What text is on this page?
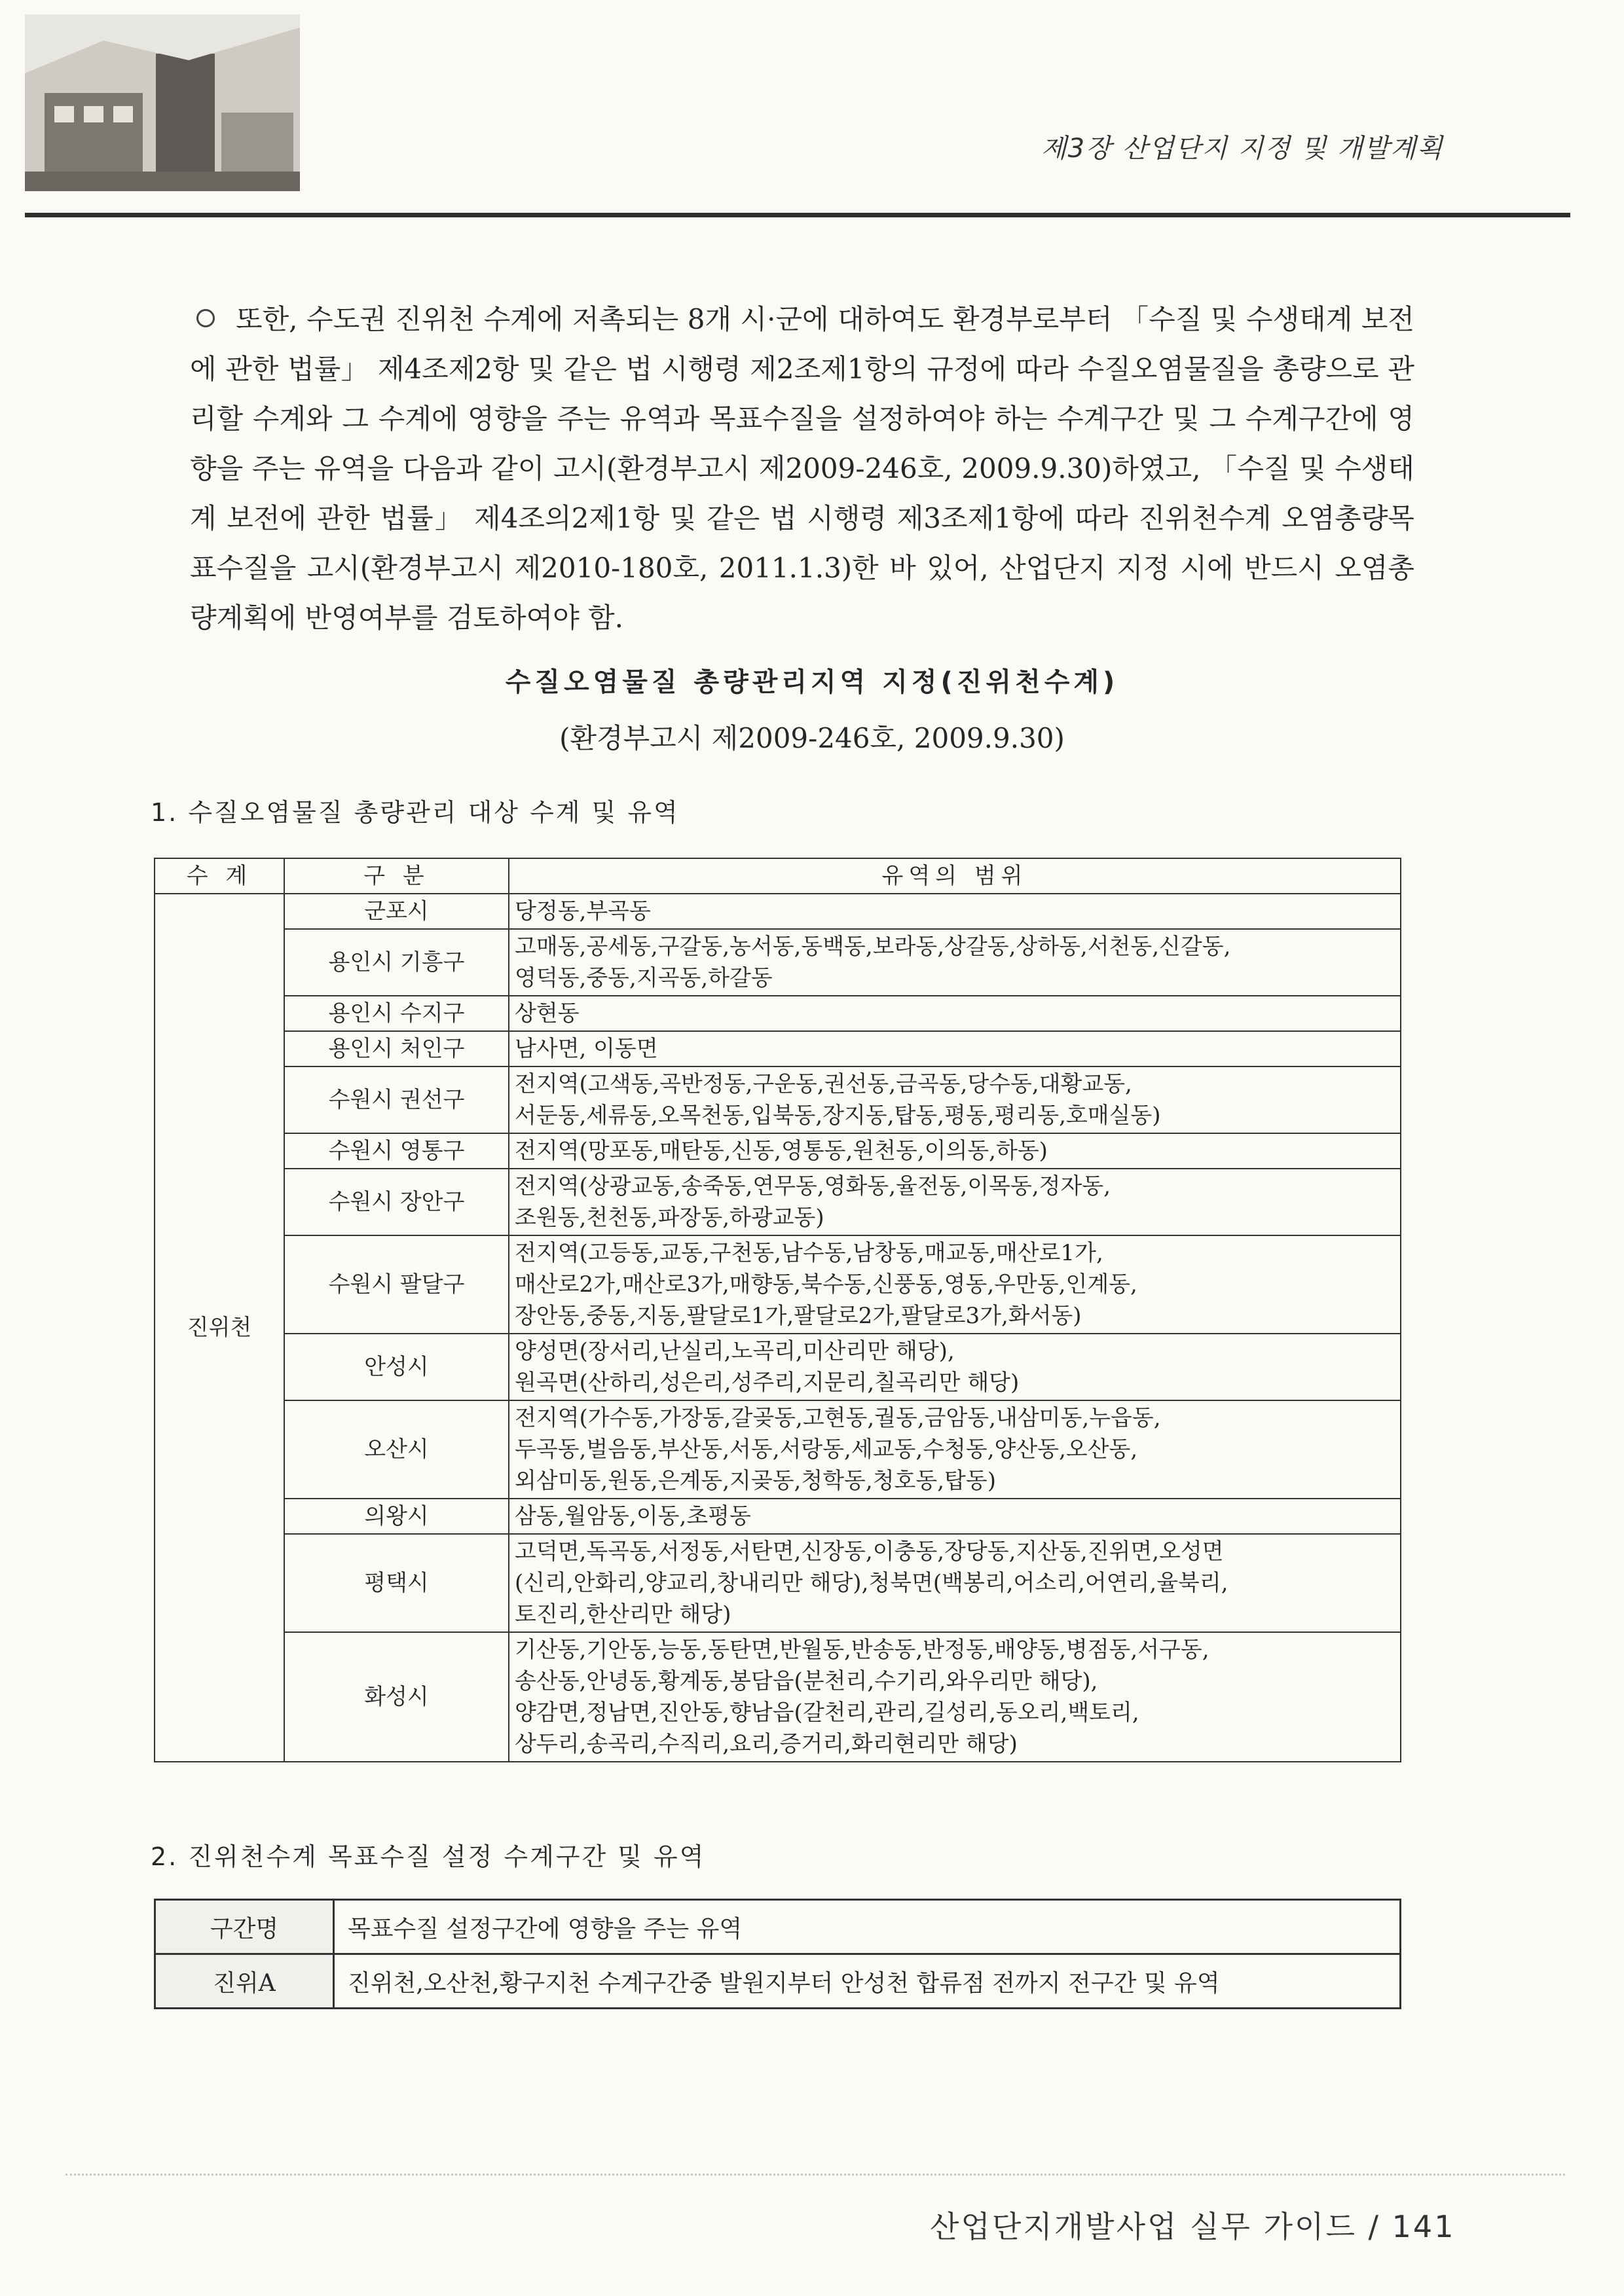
제3장 산업단지 지정 및 개발계획
또한, 수도권 진위천 수계에 저촉되는 8개 시·군에 대하여도 환경부로부터 「수질 및 수생태계 보전에 관한 법률」 제4조제2항 및 같은 법 시행령 제2조제1항의 규정에 따라 수질오염물질을 총량으로 관리할 수계와 그 수계에 영향을 주는 유역과 목표수질을 설정하여야 하는 수계구간 및 그 수계구간에 영향을 주는 유역을 다음과 같이 고시(환경부고시 제2009-246호, 2009.9.30)하였고, 「수질 및 수생태계 보전에 관한 법률」 제4조의2제1항 및 같은 법 시행령 제3조제1항에 따라 진위천수계 오염총량목표수질을 고시(환경부고시 제2010-180호, 2011.1.3)한 바 있어, 산업단지 지정 시에 반드시 오염총량계획에 반영여부를 검토하여야 함.
수질오염물질 총량관리지역 지정(진위천수계)
(환경부고시 제2009-246호, 2009.9.30)
1. 수질오염물질 총량관리 대상 수계 및 유역
수 계	구 분	유역의 범위
진위천	군포시	당정동,부곡동
	용인시 기흥구	고매동,공세동,구갈동,농서동,동백동,보라동,상갈동,상하동,서천동,신갈동,
영덕동,중동,지곡동,하갈동
	용인시 수지구	상현동
	용인시 처인구	남사면, 이동면
	수원시 권선구	전지역(고색동,곡반정동,구운동,권선동,금곡동,당수동,대황교동,
서둔동,세류동,오목천동,입북동,장지동,탑동,평동,평리동,호매실동)
	수원시 영통구	전지역(망포동,매탄동,신동,영통동,원천동,이의동,하동)
	수원시 장안구	전지역(상광교동,송죽동,연무동,영화동,율전동,이목동,정자동,
조원동,천천동,파장동,하광교동)
	수원시 팔달구	전지역(고등동,교동,구천동,남수동,남창동,매교동,매산로1가,
매산로2가,매산로3가,매향동,북수동,신풍동,영동,우만동,인계동,
장안동,중동,지동,팔달로1가,팔달로2가,팔달로3가,화서동)
	안성시	양성면(장서리,난실리,노곡리,미산리만 해당),
원곡면(산하리,성은리,성주리,지문리,칠곡리만 해당)
	오산시	전지역(가수동,가장동,갈곶동,고현동,궐동,금암동,내삼미동,누읍동,
두곡동,벌음동,부산동,서동,서랑동,세교동,수청동,양산동,오산동,
외삼미동,원동,은계동,지곶동,청학동,청호동,탑동)
	의왕시	삼동,월암동,이동,초평동
	평택시	고덕면,독곡동,서정동,서탄면,신장동,이충동,장당동,지산동,진위면,오성면
(신리,안화리,양교리,창내리만 해당),청북면(백봉리,어소리,어연리,율북리,
토진리,한산리만 해당)
	화성시	기산동,기안동,능동,동탄면,반월동,반송동,반정동,배양동,병점동,서구동,
송산동,안녕동,황계동,봉담읍(분천리,수기리,와우리만 해당),
양감면,정남면,진안동,향남읍(갈천리,관리,길성리,동오리,백토리,
상두리,송곡리,수직리,요리,증거리,화리현리만 해당)
2. 진위천수계 목표수질 설정 수계구간 및 유역
구간명	목표수질 설정구간에 영향을 주는 유역
진위A	진위천,오산천,황구지천 수계구간중 발원지부터 안성천 합류점 전까지 전구간 및 유역
산업단지개발사업 실무 가이드 / 141
